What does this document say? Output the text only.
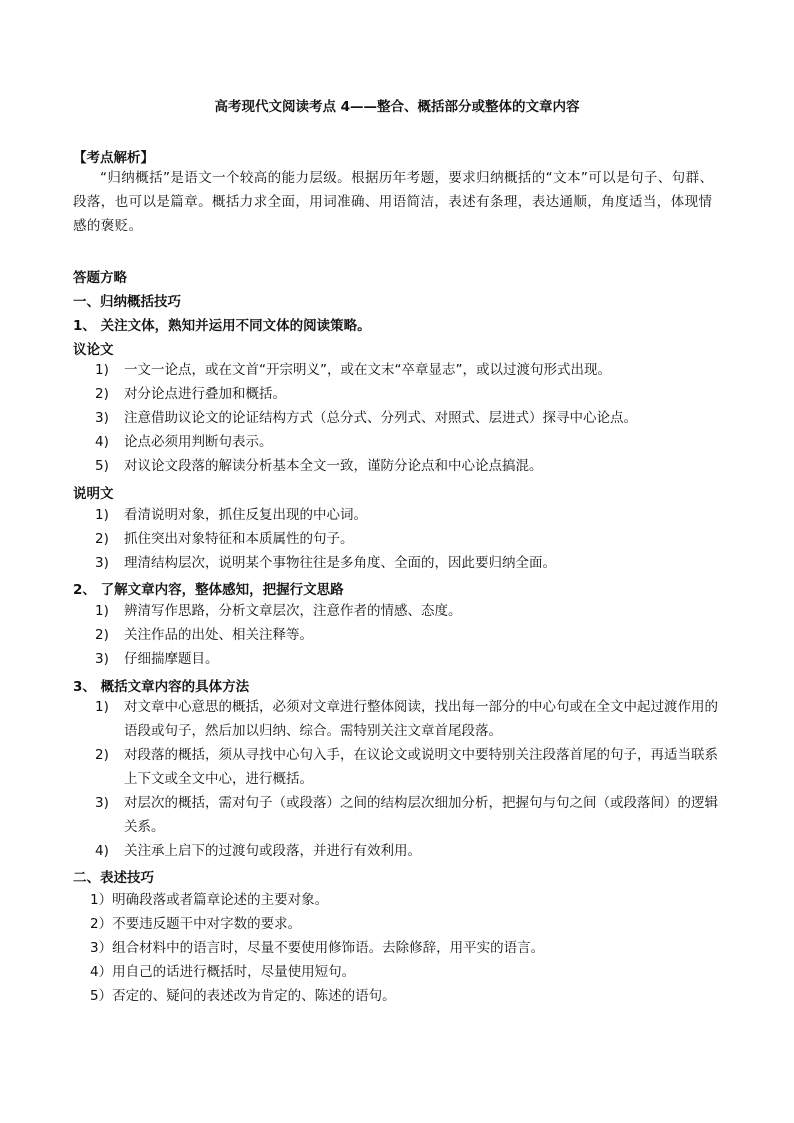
高考现代文阅读考点 4——整合、概括部分或整体的文章内容
【考点解析】
“归纳概括”是语文一个较高的能力层级。根据历年考题，要求归纳概括的“文本”可以是句子、句群、段落，也可以是篇章。概括力求全面，用词准确、用语简洁，表述有条理，表达通顺，角度适当，体现情感的褒贬。
答题方略
一、归纳概括技巧
1、 关注文体，熟知并运用不同文体的阅读策略。
议论文
1) 一文一论点，或在文首“开宗明义”，或在文末“卒章显志”，或以过渡句形式出现。
2) 对分论点进行叠加和概括。
3) 注意借助议论文的论证结构方式（总分式、分列式、对照式、层进式）探寻中心论点。
4) 论点必须用判断句表示。
5) 对议论文段落的解读分析基本全文一致，谨防分论点和中心论点搞混。
说明文
1) 看清说明对象，抓住反复出现的中心词。
2) 抓住突出对象特征和本质属性的句子。
3) 理清结构层次，说明某个事物往往是多角度、全面的，因此要归纳全面。
2、 了解文章内容，整体感知，把握行文思路
1) 辨清写作思路，分析文章层次，注意作者的情感、态度。
2) 关注作品的出处、相关注释等。
3) 仔细揣摩题目。
3、 概括文章内容的具体方法
1) 对文章中心意思的概括，必须对文章进行整体阅读，找出每一部分的中心句或在全文中起过渡作用的语段或句子，然后加以归纳、综合。需特别关注文章首尾段落。
2) 对段落的概括，须从寻找中心句入手，在议论文或说明文中要特别关注段落首尾的句子，再适当联系上下文或全文中心，进行概括。
3) 对层次的概括，需对句子（或段落）之间的结构层次细加分析，把握句与句之间（或段落间）的逻辑关系。
4) 关注承上启下的过渡句或段落，并进行有效利用。
二、表述技巧
1）明确段落或者篇章论述的主要对象。
2）不要违反题干中对字数的要求。
3）组合材料中的语言时，尽量不要使用修饰语。去除修辞，用平实的语言。
4）用自己的话进行概括时，尽量使用短句。
5）否定的、疑问的表述改为肯定的、陈述的语句。
